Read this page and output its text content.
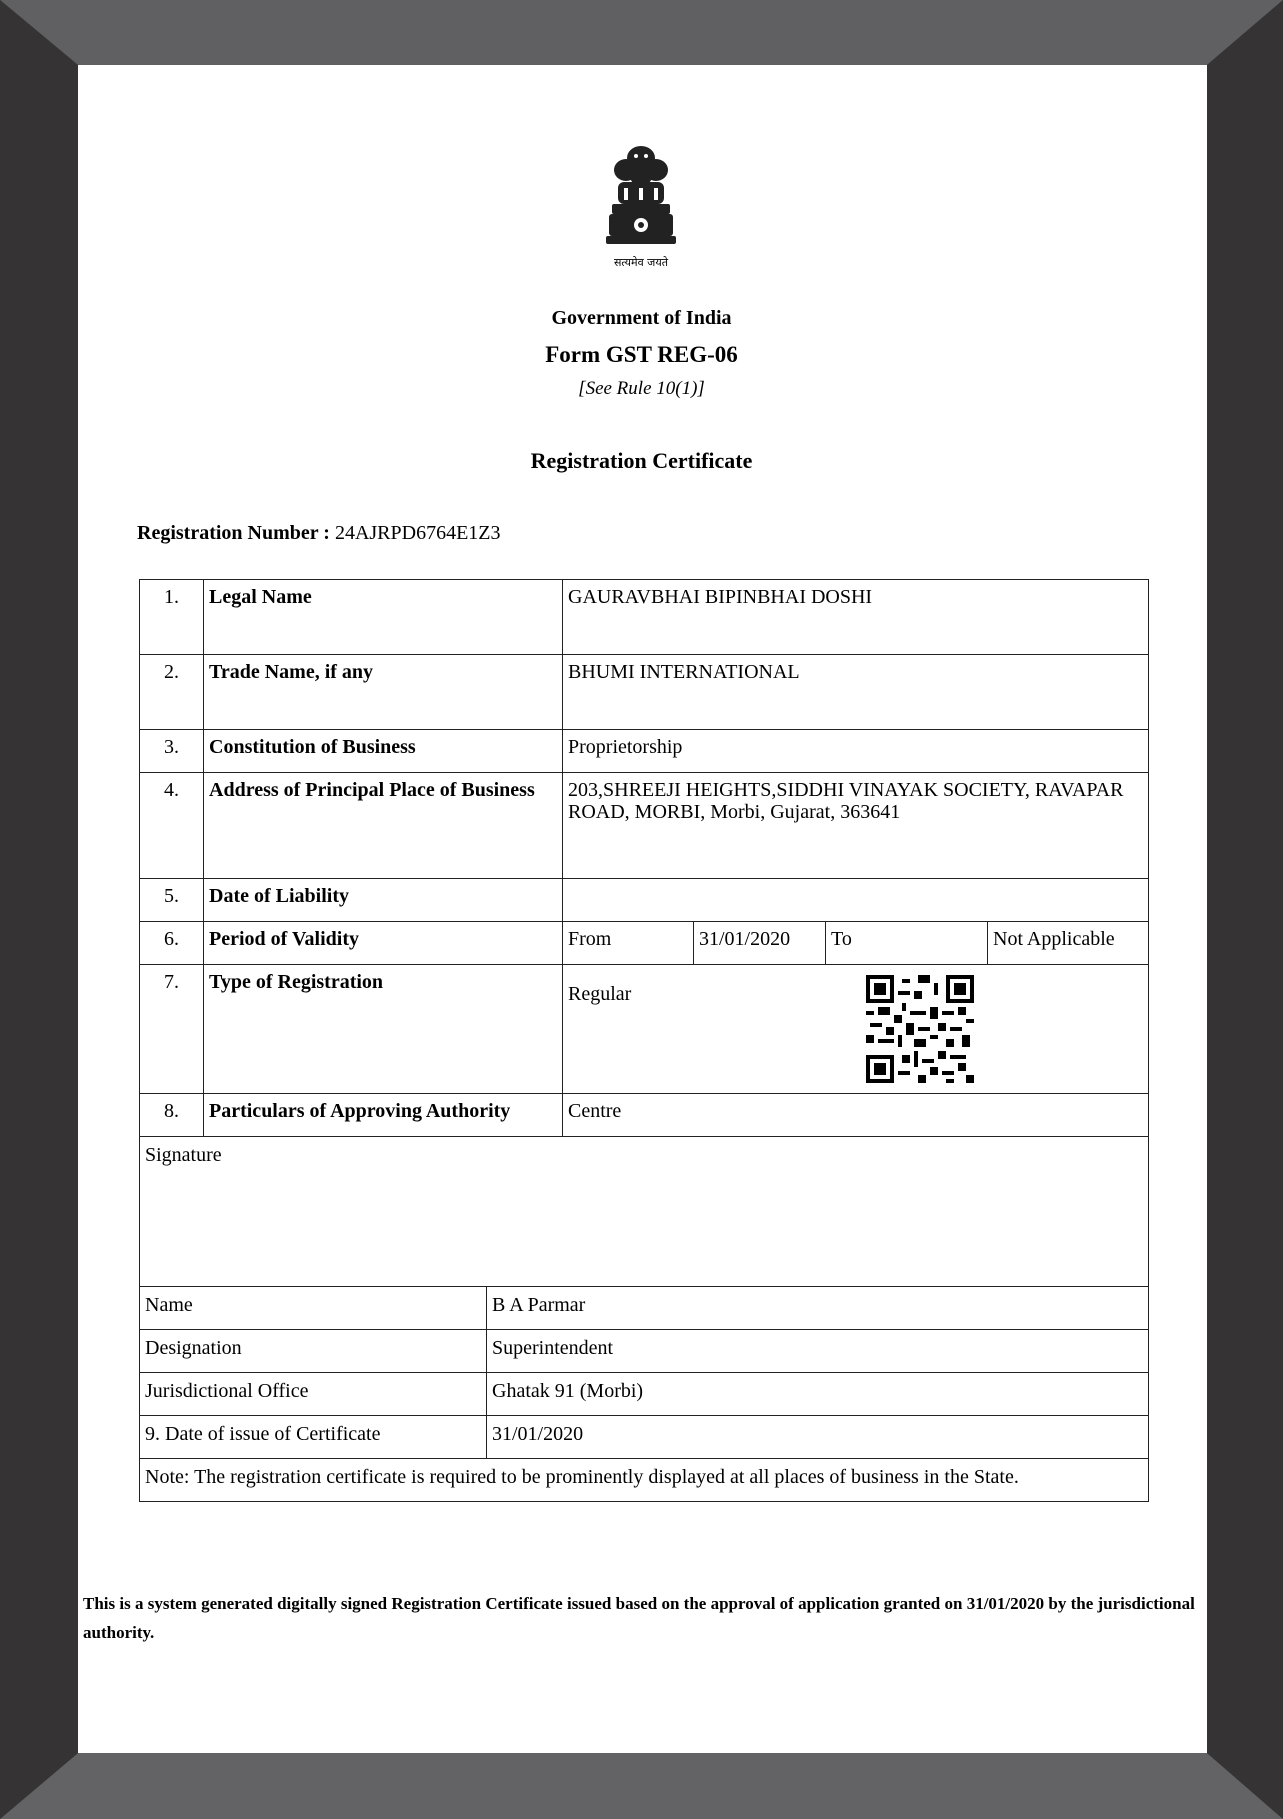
सत्यमेव जयते
Government of India
Form GST REG-06
[See Rule 10(1)]
Registration Certificate
Registration Number : 24AJRPD6764E1Z3
1.	Legal Name	GAURAVBHAI BIPINBHAI DOSHI			
2.	Trade Name, if any	BHUMI INTERNATIONAL			
3.	Constitution of Business	Proprietorship			
4.	Address of Principal Place of Business	203,SHREEJI HEIGHTS,SIDDHI VINAYAK SOCIETY, RAVAPAR ROAD, MORBI, Morbi, Gujarat, 363641			
5.	Date of Liability				
6.	Period of Validity	From	31/01/2020	To	Not Applicable
7.	Type of Registration	Regular			

8.	Particulars of Approving Authority	Centre			
Signature	
Name	B A Parmar
Designation	Superintendent
Jurisdictional Office	Ghatak 91 (Morbi)
9. Date of issue of Certificate	31/01/2020
Note: The registration certificate is required to be prominently displayed at all places of business in the State.	
This is a system generated digitally signed Registration Certificate issued based on the approval of application granted on 31/01/2020 by the jurisdictional authority.
